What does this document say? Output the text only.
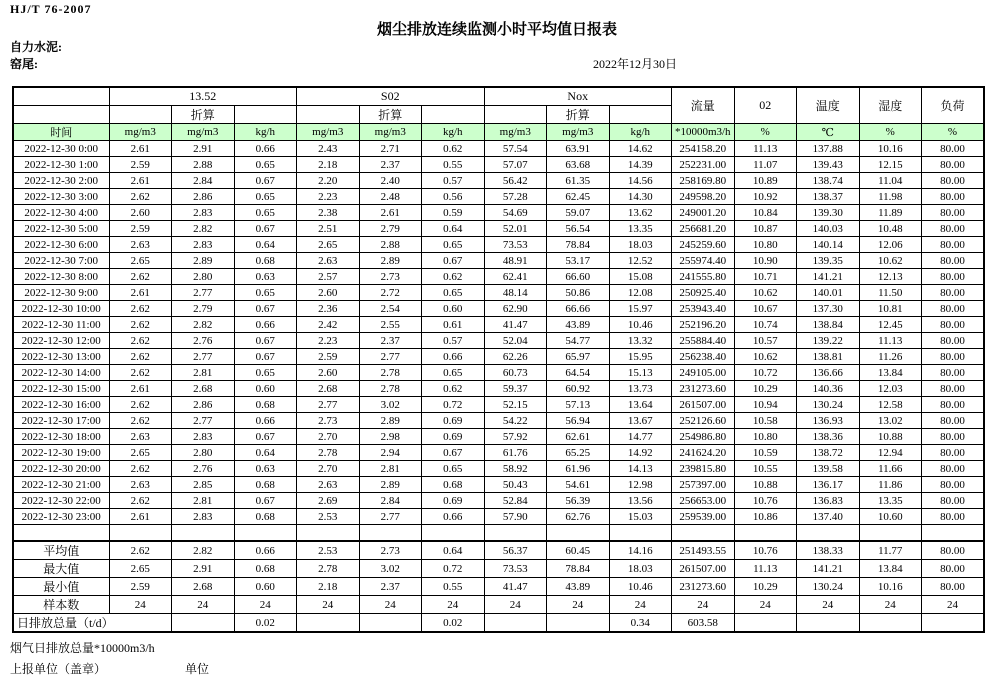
HJ/T 76-2007
烟尘排放连续监测小时平均值日报表
自力水泥:
窑尾:	2022年12月30日
	13.52			S02			Nox			流量	02	温度	湿度	负荷
		折算			折算			折算						
时间	mg/m3	mg/m3	kg/h	mg/m3	mg/m3	kg/h	mg/m3	mg/m3	kg/h	*10000m3/h	%	℃	%	%
2022-12-30 0:00	2.61	2.91	0.66	2.43	2.71	0.62	57.54	63.91	14.62	254158.20	11.13	137.88	10.16	80.00
2022-12-30 1:00	2.59	2.88	0.65	2.18	2.37	0.55	57.07	63.68	14.39	252231.00	11.07	139.43	12.15	80.00
2022-12-30 2:00	2.61	2.84	0.67	2.20	2.40	0.57	56.42	61.35	14.56	258169.80	10.89	138.74	11.04	80.00
2022-12-30 3:00	2.62	2.86	0.65	2.23	2.48	0.56	57.28	62.45	14.30	249598.20	10.92	138.37	11.98	80.00
2022-12-30 4:00	2.60	2.83	0.65	2.38	2.61	0.59	54.69	59.07	13.62	249001.20	10.84	139.30	11.89	80.00
2022-12-30 5:00	2.59	2.82	0.67	2.51	2.79	0.64	52.01	56.54	13.35	256681.20	10.87	140.03	10.48	80.00
2022-12-30 6:00	2.63	2.83	0.64	2.65	2.88	0.65	73.53	78.84	18.03	245259.60	10.80	140.14	12.06	80.00
2022-12-30 7:00	2.65	2.89	0.68	2.63	2.89	0.67	48.91	53.17	12.52	255974.40	10.90	139.35	10.62	80.00
2022-12-30 8:00	2.62	2.80	0.63	2.57	2.73	0.62	62.41	66.60	15.08	241555.80	10.71	141.21	12.13	80.00
2022-12-30 9:00	2.61	2.77	0.65	2.60	2.72	0.65	48.14	50.86	12.08	250925.40	10.62	140.01	11.50	80.00
2022-12-30 10:00	2.62	2.79	0.67	2.36	2.54	0.60	62.90	66.66	15.97	253943.40	10.67	137.30	10.81	80.00
2022-12-30 11:00	2.62	2.82	0.66	2.42	2.55	0.61	41.47	43.89	10.46	252196.20	10.74	138.84	12.45	80.00
2022-12-30 12:00	2.62	2.76	0.67	2.23	2.37	0.57	52.04	54.77	13.32	255884.40	10.57	139.22	11.13	80.00
2022-12-30 13:00	2.62	2.77	0.67	2.59	2.77	0.66	62.26	65.97	15.95	256238.40	10.62	138.81	11.26	80.00
2022-12-30 14:00	2.62	2.81	0.65	2.60	2.78	0.65	60.73	64.54	15.13	249105.00	10.72	136.66	13.84	80.00
2022-12-30 15:00	2.61	2.68	0.60	2.68	2.78	0.62	59.37	60.92	13.73	231273.60	10.29	140.36	12.03	80.00
2022-12-30 16:00	2.62	2.86	0.68	2.77	3.02	0.72	52.15	57.13	13.64	261507.00	10.94	130.24	12.58	80.00
2022-12-30 17:00	2.62	2.77	0.66	2.73	2.89	0.69	54.22	56.94	13.67	252126.60	10.58	136.93	13.02	80.00
2022-12-30 18:00	2.63	2.83	0.67	2.70	2.98	0.69	57.92	62.61	14.77	254986.80	10.80	138.36	10.88	80.00
2022-12-30 19:00	2.65	2.80	0.64	2.78	2.94	0.67	61.76	65.25	14.92	241624.20	10.59	138.72	12.94	80.00
2022-12-30 20:00	2.62	2.76	0.63	2.70	2.81	0.65	58.92	61.96	14.13	239815.80	10.55	139.58	11.66	80.00
2022-12-30 21:00	2.63	2.85	0.68	2.63	2.89	0.68	50.43	54.61	12.98	257397.00	10.88	136.17	11.86	80.00
2022-12-30 22:00	2.62	2.81	0.67	2.69	2.84	0.69	52.84	56.39	13.56	256653.00	10.76	136.83	13.35	80.00
2022-12-30 23:00	2.61	2.83	0.68	2.53	2.77	0.66	57.90	62.76	15.03	259539.00	10.86	137.40	10.60	80.00

平均值	2.62	2.82	0.66	2.53	2.73	0.64	56.37	60.45	14.16	251493.55	10.76	138.33	11.77	80.00
最大值	2.65	2.91	0.68	2.78	3.02	0.72	73.53	78.84	18.03	261507.00	11.13	141.21	13.84	80.00
最小值	2.59	2.68	0.60	2.18	2.37	0.55	41.47	43.89	10.46	231273.60	10.29	130.24	10.16	80.00
样本数	24	24	24	24	24	24	24	24	24	24	24	24	24	24
日排放总量（t/d）			0.02			0.02			0.34	603.58				
烟气日排放总量*10000m3/h
上报单位（盖章）	单位
